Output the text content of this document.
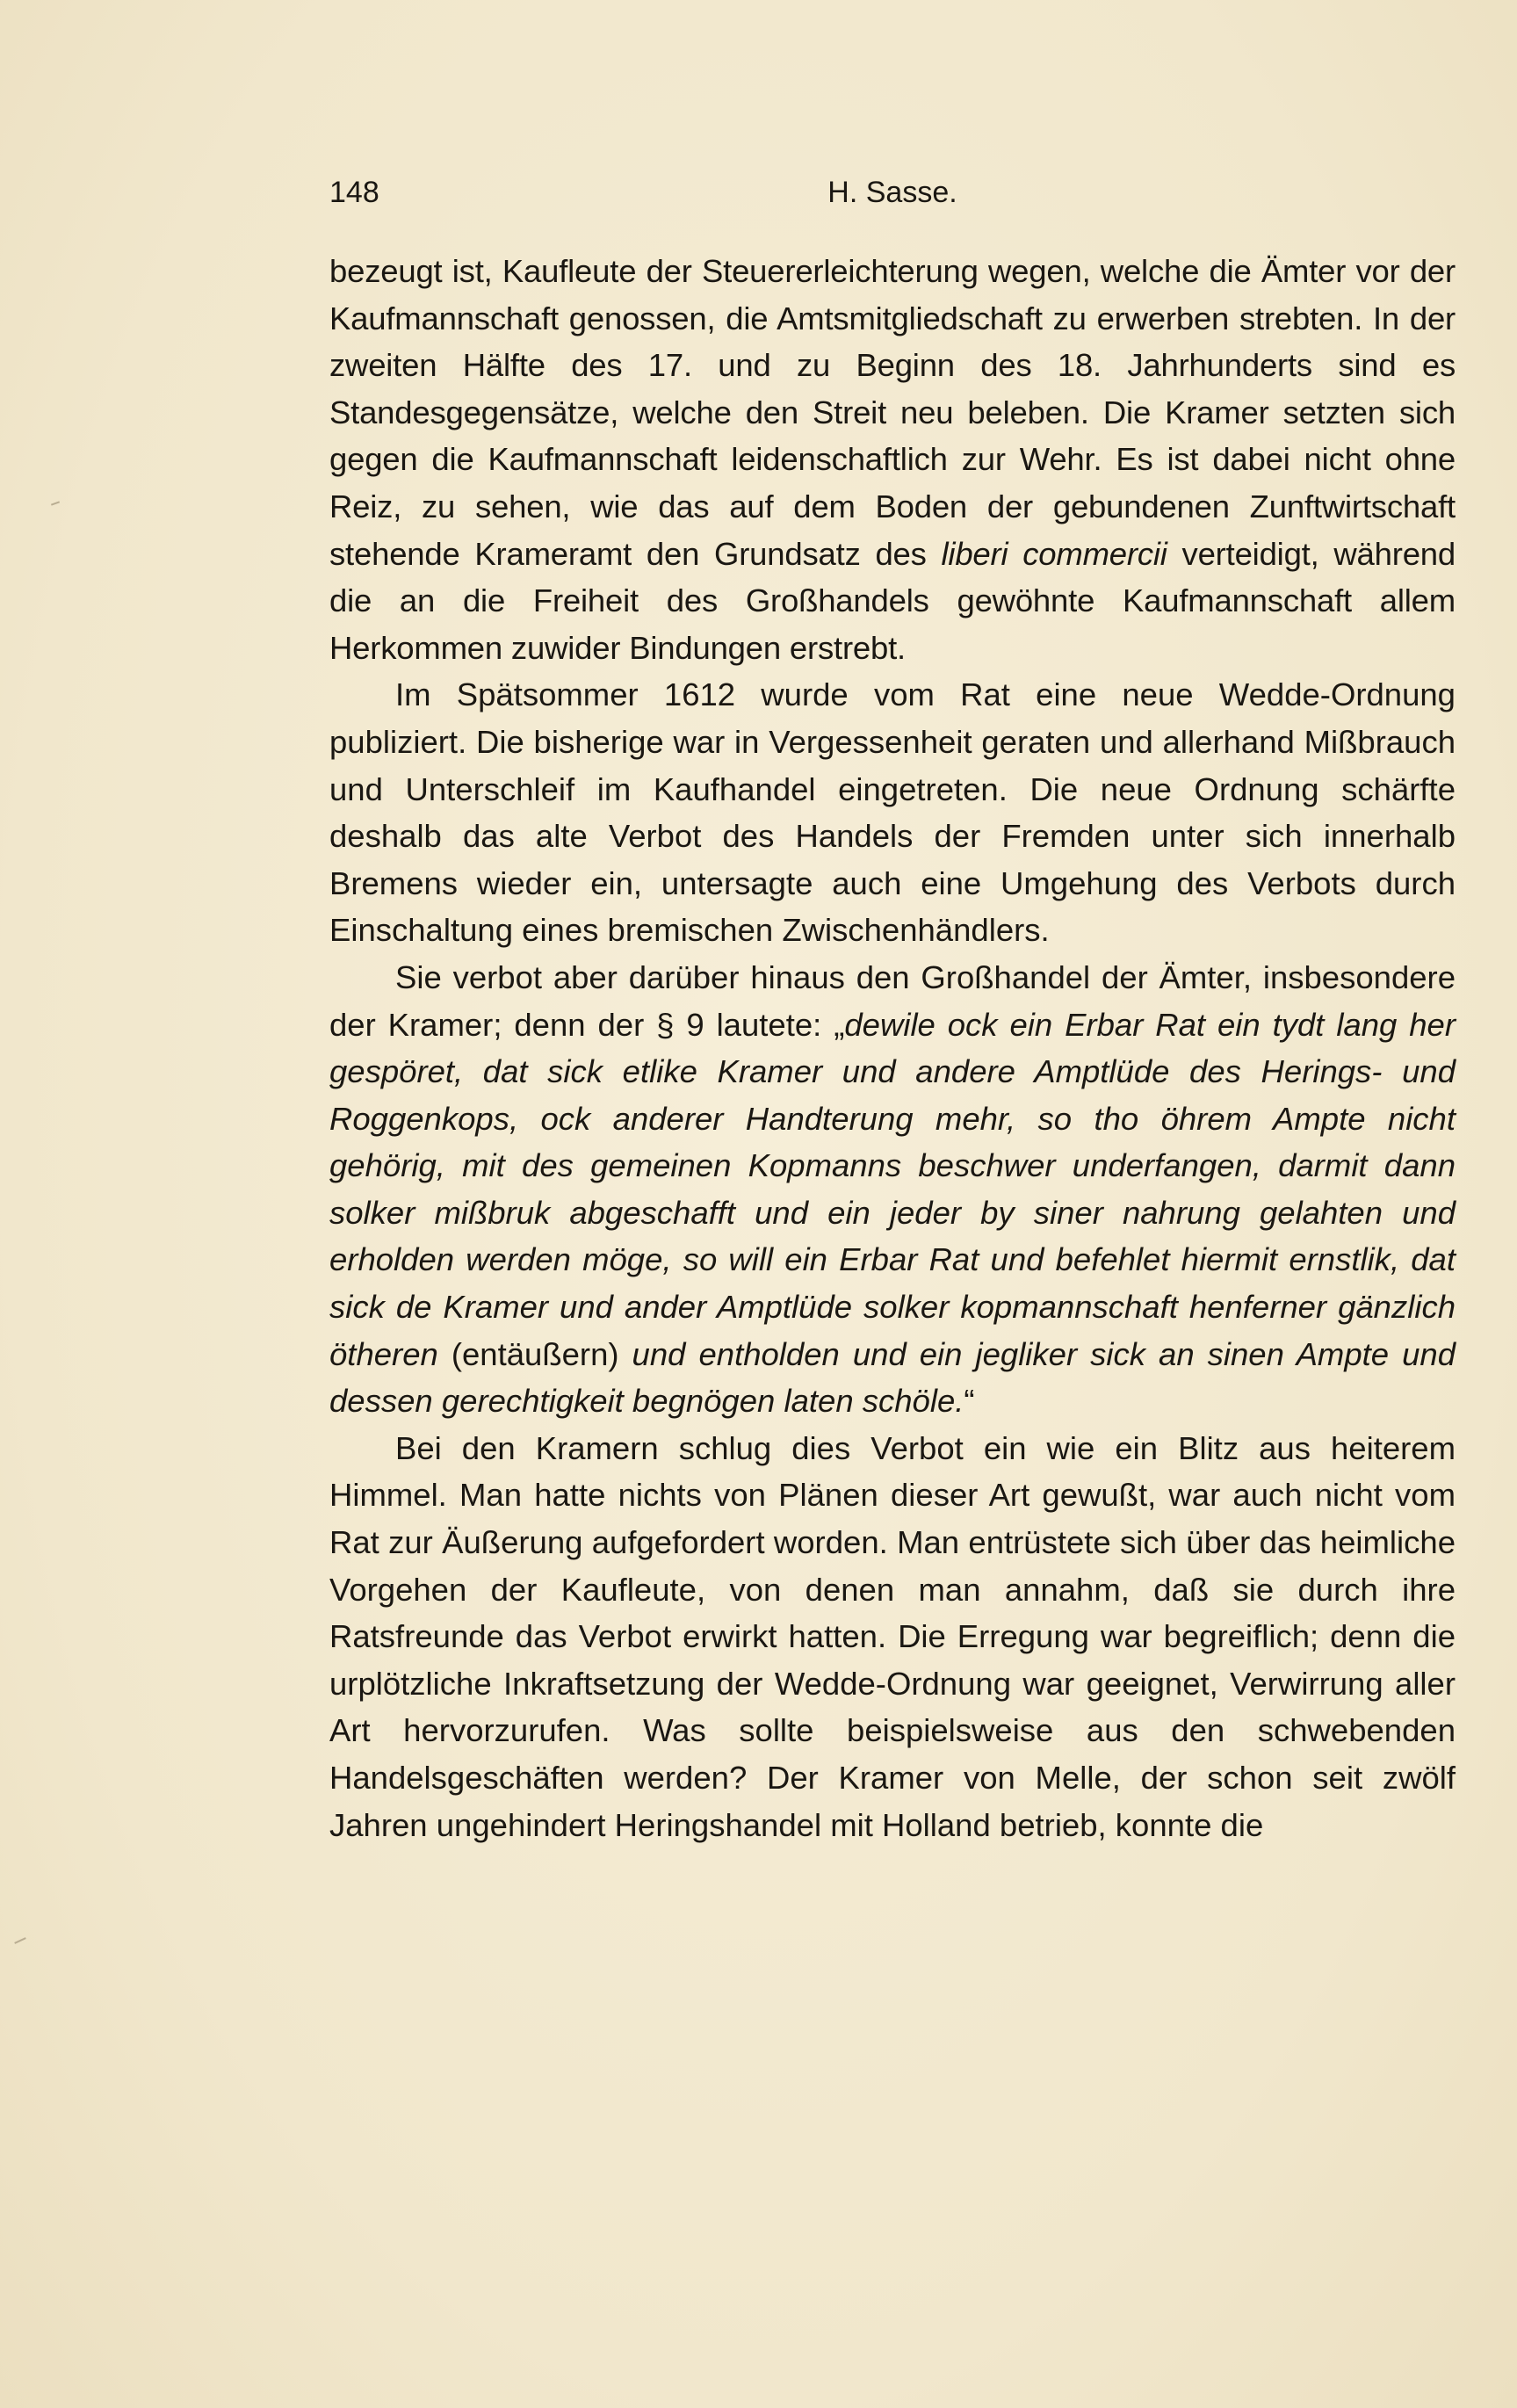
148	H. Sasse.

bezeugt ist, Kaufleute der Steuererleichterung wegen, welche die Ämter vor der Kaufmannschaft genossen, die Amtsmitgliedschaft zu erwerben strebten. In der zweiten Hälfte des 17. und zu Beginn des 18. Jahrhunderts sind es Standesgegensätze, welche den Streit neu beleben. Die Kramer setzten sich gegen die Kaufmannschaft leidenschaftlich zur Wehr. Es ist dabei nicht ohne Reiz, zu sehen, wie das auf dem Boden der gebundenen Zunftwirtschaft stehende Krameramt den Grundsatz des liberi commercii verteidigt, während die an die Freiheit des Großhandels gewöhnte Kaufmannschaft allem Herkommen zuwider Bindungen erstrebt.

Im Spätsommer 1612 wurde vom Rat eine neue Wedde-Ordnung publiziert. Die bisherige war in Vergessenheit geraten und allerhand Mißbrauch und Unterschleif im Kaufhandel eingetreten. Die neue Ordnung schärfte deshalb das alte Verbot des Handels der Fremden unter sich innerhalb Bremens wieder ein, untersagte auch eine Umgehung des Verbots durch Einschaltung eines bremischen Zwischenhändlers.

Sie verbot aber darüber hinaus den Großhandel der Ämter, insbesondere der Kramer; denn der § 9 lautete: „dewile ock ein Erbar Rat ein tydt lang her gespöret, dat sick etlike Kramer und andere Amptlüde des Herings- und Roggenkops, ock anderer Handterung mehr, so tho öhrem Ampte nicht gehörig, mit des gemeinen Kopmanns beschwer underfangen, darmit dann solker mißbruk abgeschafft und ein jeder by siner nahrung gelahten und erholden werden möge, so will ein Erbar Rat und befehlet hiermit ernstlik, dat sick de Kramer und ander Amptlüde solker kopmannschaft henferner gänzlich ötheren (entäußern) und entholden und ein jegliker sick an sinen Ampte und dessen gerechtigkeit begnögen laten schöle.“

Bei den Kramern schlug dies Verbot ein wie ein Blitz aus heiterem Himmel. Man hatte nichts von Plänen dieser Art gewußt, war auch nicht vom Rat zur Äußerung aufgefordert worden. Man entrüstete sich über das heimliche Vorgehen der Kaufleute, von denen man annahm, daß sie durch ihre Ratsfreunde das Verbot erwirkt hatten. Die Erregung war begreiflich; denn die urplötzliche Inkraftsetzung der Wedde-Ordnung war geeignet, Verwirrung aller Art hervorzurufen. Was sollte beispielsweise aus den schwebenden Handelsgeschäften werden? Der Kramer von Melle, der schon seit zwölf Jahren ungehindert Heringshandel mit Holland betrieb, konnte die
